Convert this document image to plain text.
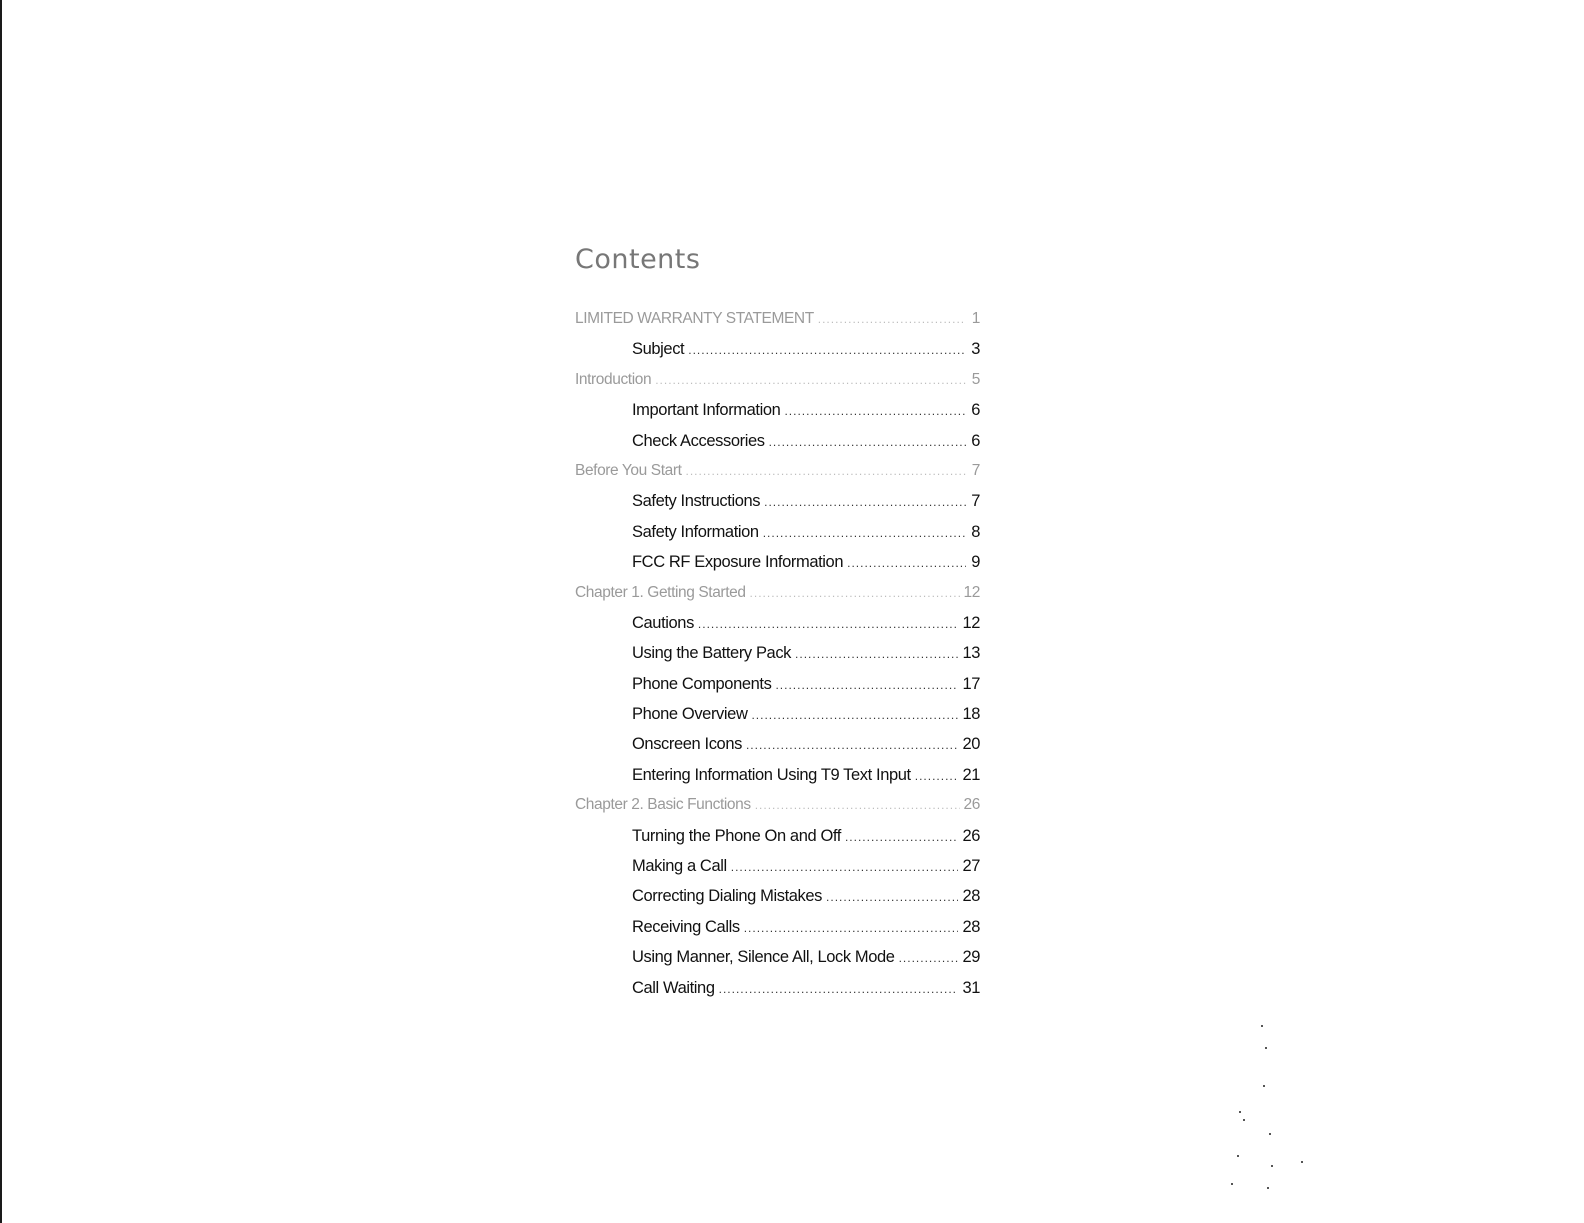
Contents
LIMITED WARRANTY STATEMENT .....	1
Subject .....	3
Introduction .....	5
Important Information .....	6
Check Accessories .....	6
Before You Start .....	7
Safety Instructions .....	7
Safety Information .....	8
FCC RF Exposure Information .....	9
Chapter 1. Getting Started .....	12
Cautions .....	12
Using the Battery Pack .....	13
Phone Components .....	17
Phone Overview .....	18
Onscreen Icons .....	20
Entering Information Using T9 Text Input .....	21
Chapter 2. Basic Functions .....	26
Turning the Phone On and Off .....	26
Making a Call .....	27
Correcting Dialing Mistakes .....	28
Receiving Calls .....	28
Using Manner, Silence All, Lock Mode .....	29
Call Waiting .....	31
